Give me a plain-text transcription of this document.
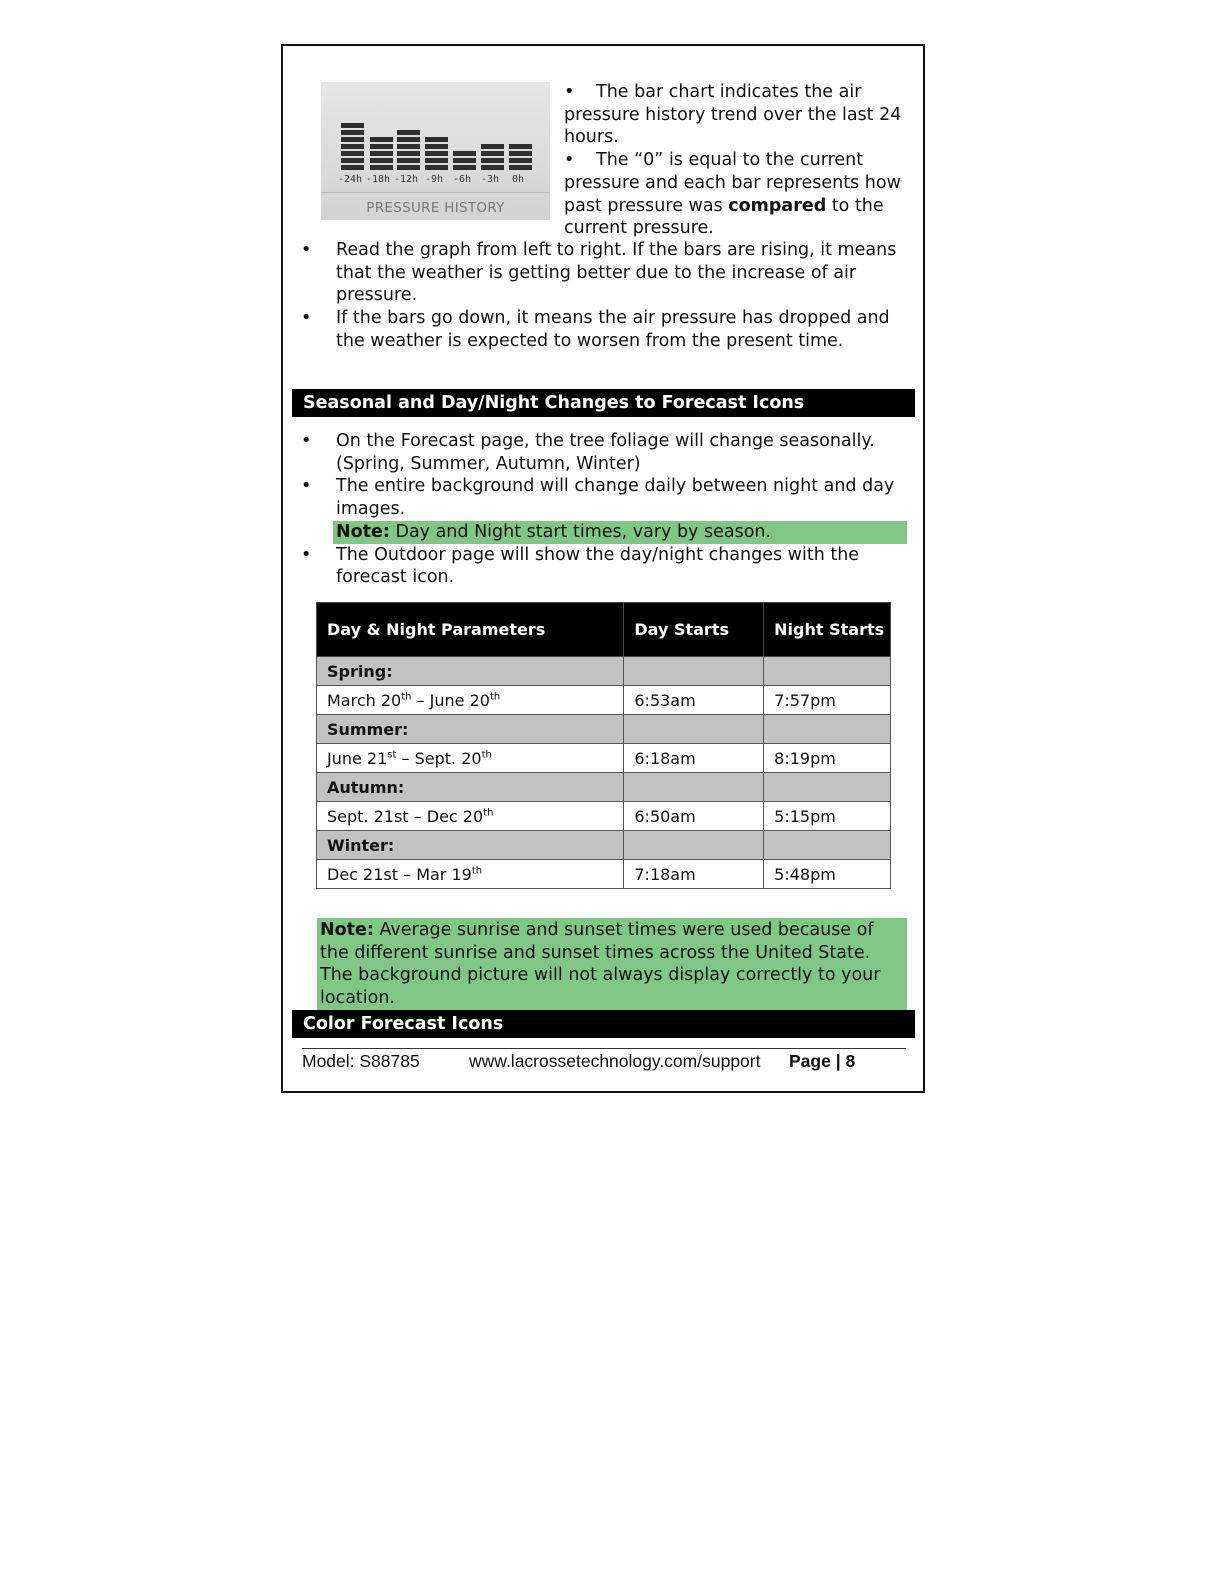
-24h -18h -12h -9h -6h -3h	0h
PRESSURE HISTORY
• The bar chart indicates the air pressure history trend over the last 24 hours.
• The “0” is equal to the current pressure and each bar represents how past pressure was compared to the current pressure.
• Read the graph from left to right. If the bars are rising, it means that the weather is getting better due to the increase of air pressure.
• If the bars go down, it means the air pressure has dropped and the weather is expected to worsen from the present time.
Seasonal and Day/Night Changes to Forecast Icons
• On the Forecast page, the tree foliage will change seasonally.(Spring, Summer, Autumn, Winter)
• The entire background will change daily between night and day images.
Note: Day and Night start times, vary by season.
• The Outdoor page will show the day/night changes with the forecast icon.
Day & Night Parameters	Day Starts	Night Starts
Spring:		
March 20th – June 20th	6:53am	7:57pm
Summer:		
June 21st – Sept. 20th	6:18am	8:19pm
Autumn:		
Sept. 21st – Dec 20th	6:50am	5:15pm
Winter:		
Dec 21st – Mar 19th	7:18am	5:48pm
Note: Average sunrise and sunset times were used because of the different sunrise and sunset times across the United State. The background picture will not always display correctly to your location.
Color Forecast Icons
Model: S88785	www.lacrossetechnology.com/support Page | 8
